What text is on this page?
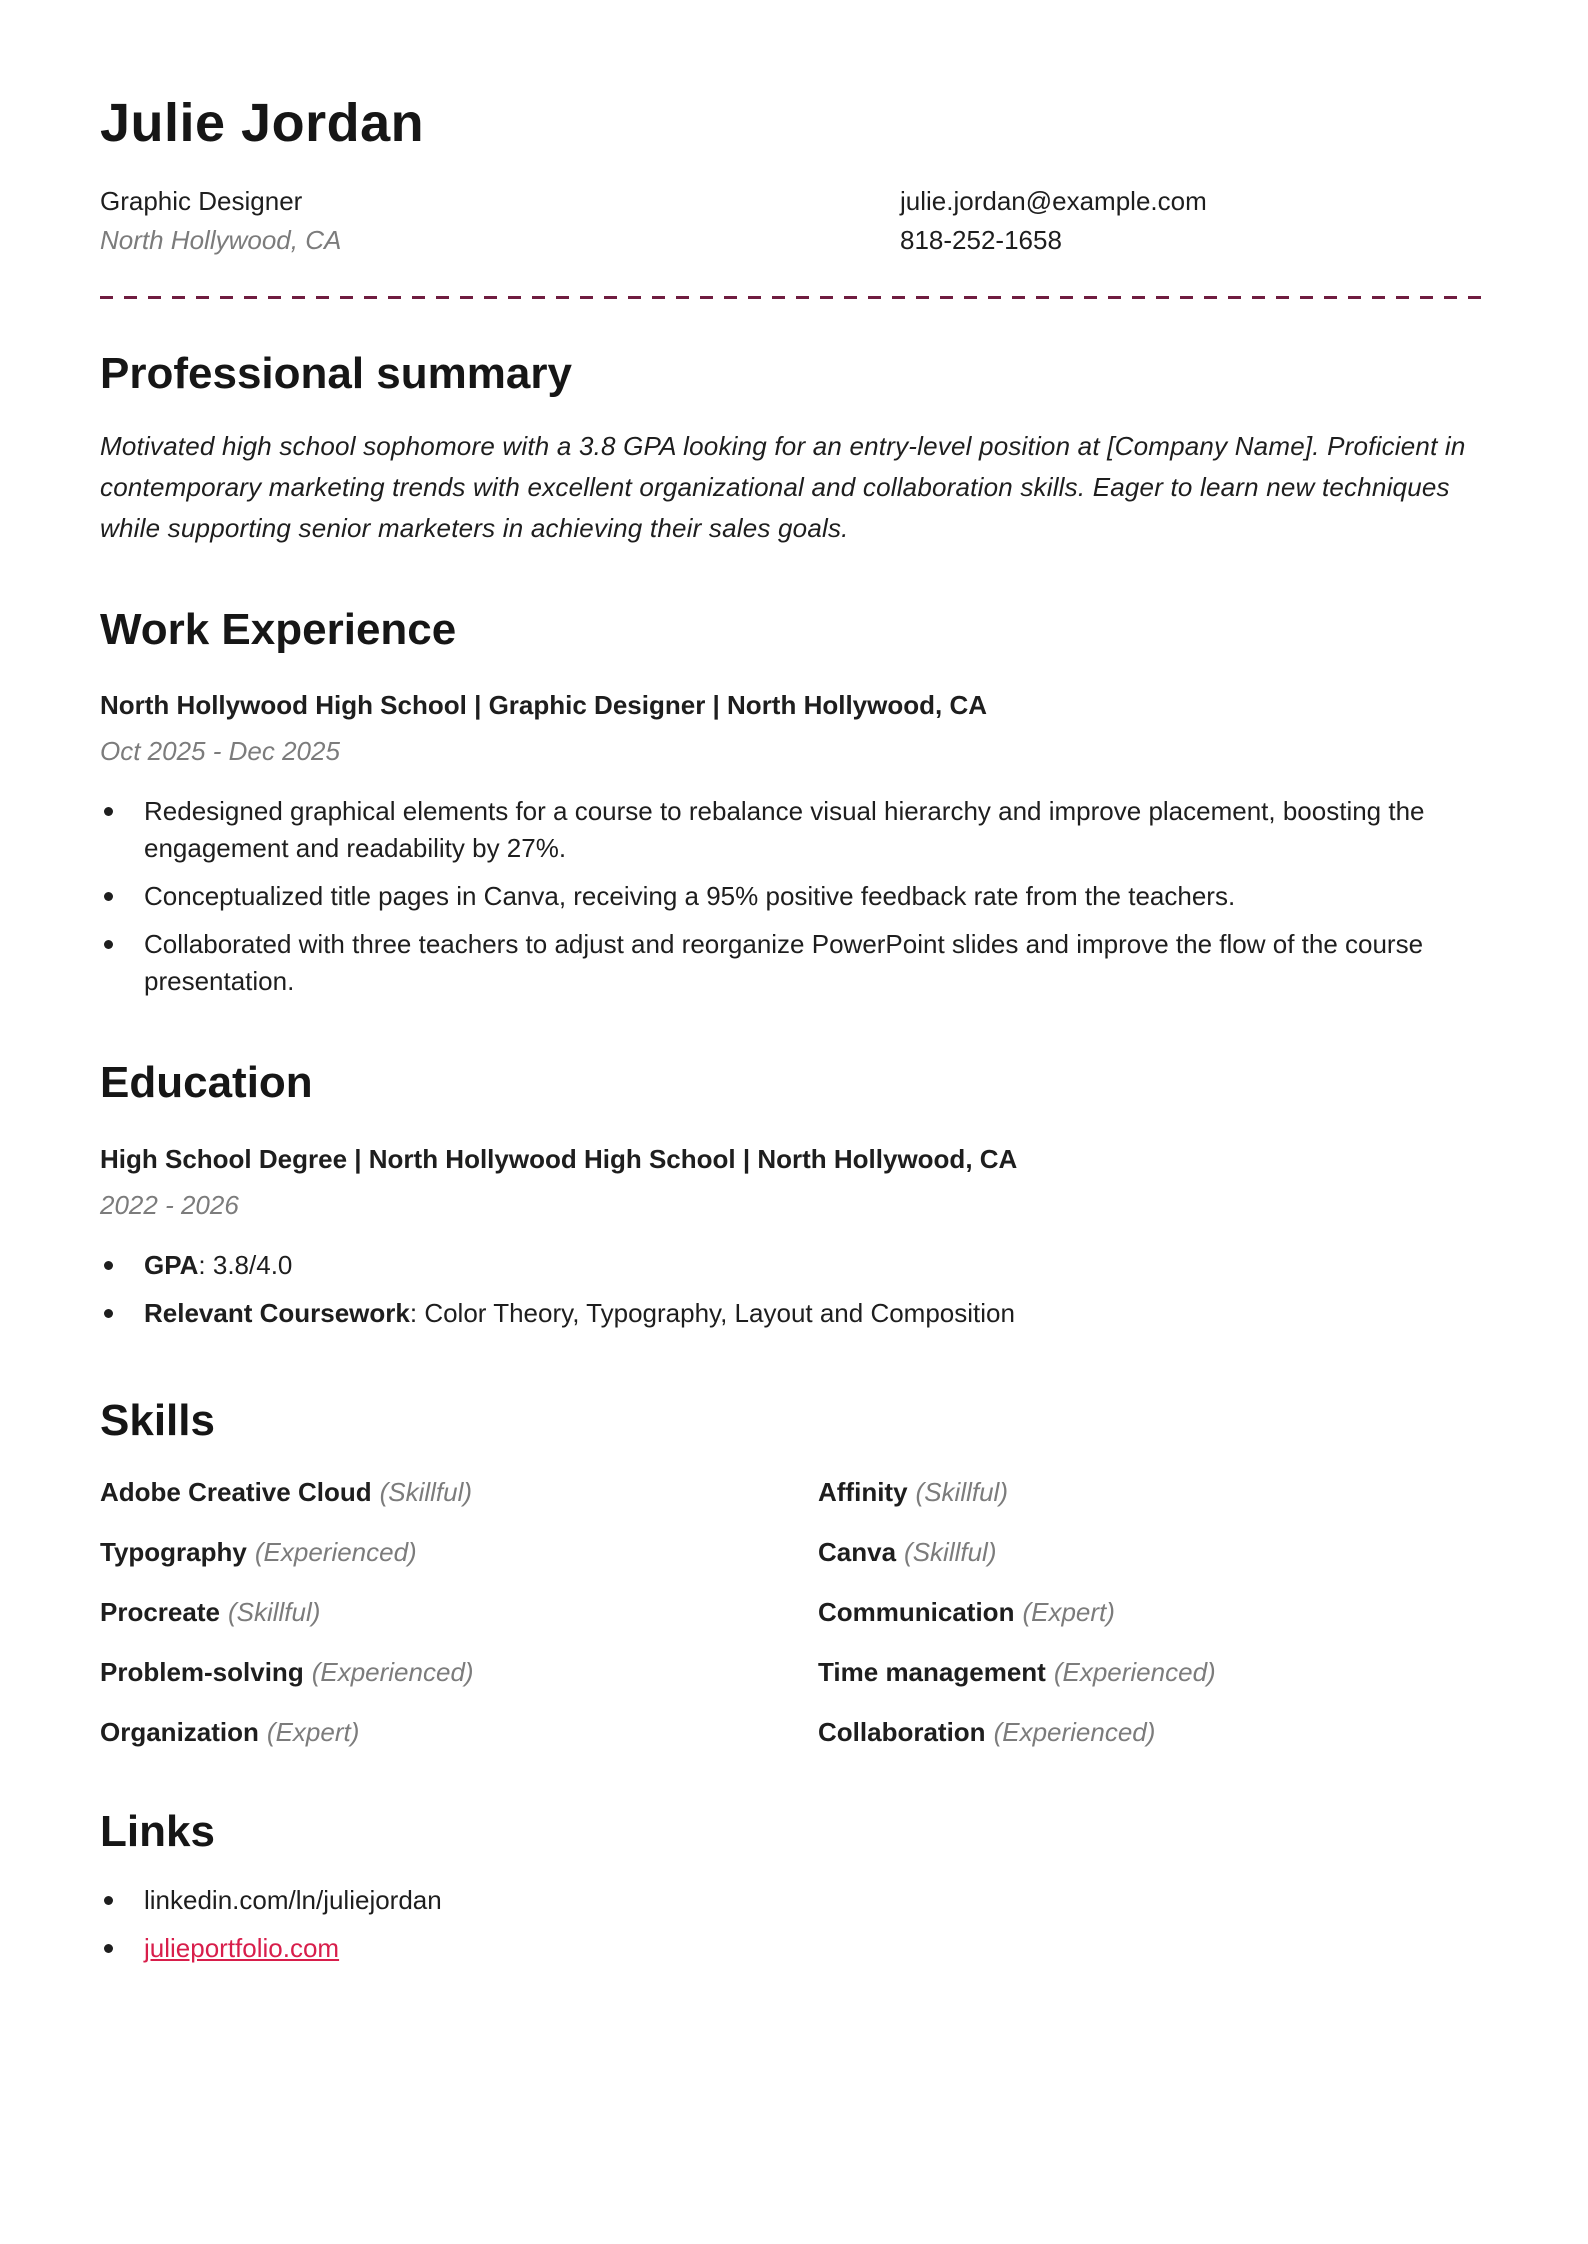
Julie Jordan
Graphic Designer
North Hollywood, CA
julie.jordan@example.com
818-252-1658
Professional summary

Motivated high school sophomore with a 3.8 GPA looking for an entry-level position at [Company Name]. Proficient in contemporary marketing trends with excellent organizational and collaboration skills. Eager to learn new techniques while supporting senior marketers in achieving their sales goals.

Work Experience
North Hollywood High School | Graphic Designer | North Hollywood, CA
Oct 2025 - Dec 2025
Redesigned graphical elements for a course to rebalance visual hierarchy and improve placement, boosting the engagement and readability by 27%.
Conceptualized title pages in Canva, receiving a 95% positive feedback rate from the teachers.
Collaborated with three teachers to adjust and reorganize PowerPoint slides and improve the flow of the course presentation.
Education
High School Degree | North Hollywood High School | North Hollywood, CA
2022 - 2026
GPA: 3.8/4.0
Relevant Coursework: Color Theory, Typography, Layout and Composition
Skills
Adobe Creative Cloud (Skillful)
Typography (Experienced)
Procreate (Skillful)
Problem-solving (Experienced)
Organization (Expert)
Affinity (Skillful)
Canva (Skillful)
Communication (Expert)
Time management (Experienced)
Collaboration (Experienced)
Links
linkedin.com/ln/juliejordan
julieportfolio.com
